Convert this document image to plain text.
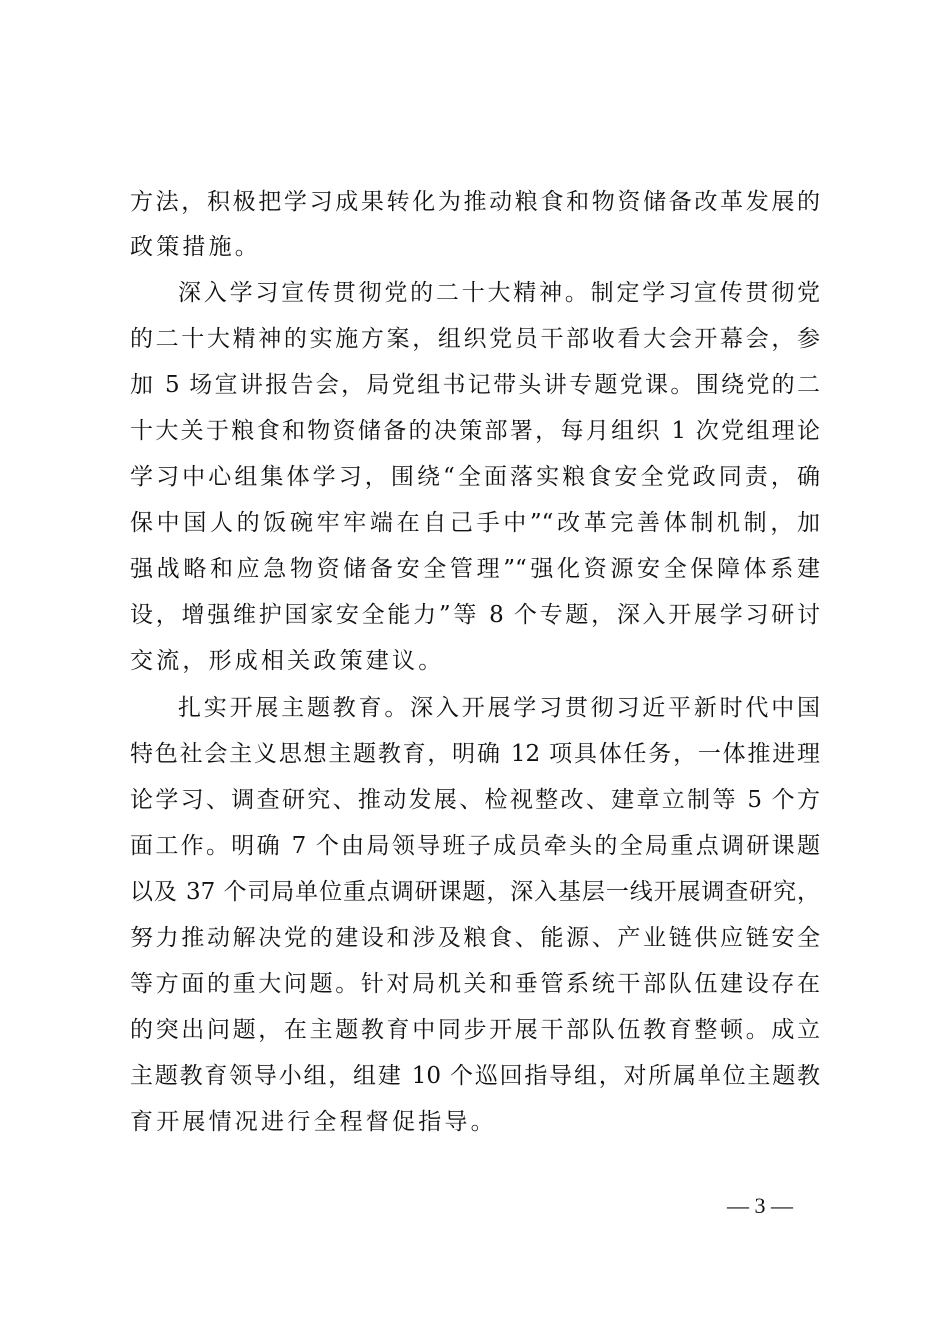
方法，积极把学习成果转化为推动粮食和物资储备改革发展的
政策措施。
深入学习宣传贯彻党的二十大精神。制定学习宣传贯彻党
的二十大精神的实施方案，组织党员干部收看大会开幕会，参
加 5 场宣讲报告会，局党组书记带头讲专题党课。围绕党的二
十大关于粮食和物资储备的决策部署，每月组织 1 次党组理论
学习中心组集体学习，围绕“全面落实粮食安全党政同责，确
保中国人的饭碗牢牢端在自己手中”“改革完善体制机制，加
强战略和应急物资储备安全管理”“强化资源安全保障体系建
设，增强维护国家安全能力”等 8 个专题，深入开展学习研讨
交流，形成相关政策建议。
扎实开展主题教育。深入开展学习贯彻习近平新时代中国
特色社会主义思想主题教育，明确 12 项具体任务，一体推进理
论学习、调查研究、推动发展、检视整改、建章立制等 5 个方
面工作。明确 7 个由局领导班子成员牵头的全局重点调研课题
以及 37 个司局单位重点调研课题，深入基层一线开展调查研究，
努力推动解决党的建设和涉及粮食、能源、产业链供应链安全
等方面的重大问题。针对局机关和垂管系统干部队伍建设存在
的突出问题，在主题教育中同步开展干部队伍教育整顿。成立
主题教育领导小组，组建 10 个巡回指导组，对所属单位主题教
育开展情况进行全程督促指导。
— 3 —
